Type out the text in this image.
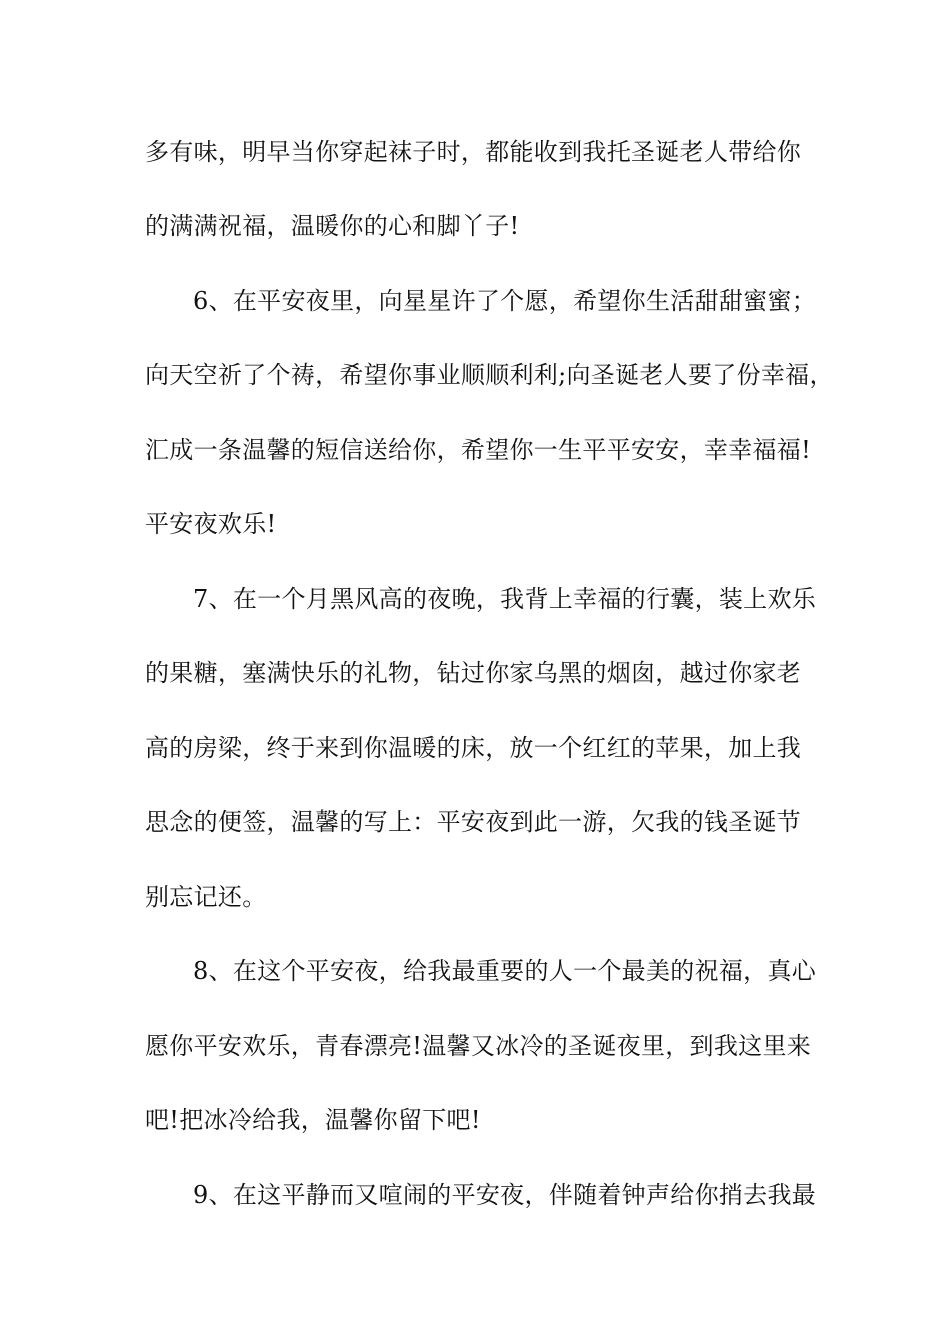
多有味，明早当你穿起袜子时，都能收到我托圣诞老人带给你
的满满祝福，温暖你的心和脚丫子!
6、在平安夜里，向星星许了个愿，希望你生活甜甜蜜蜜；
向天空祈了个祷，希望你事业顺顺利利;向圣诞老人要了份幸福，
汇成一条温馨的短信送给你，希望你一生平平安安，幸幸福福!
平安夜欢乐!
7、在一个月黑风高的夜晚，我背上幸福的行囊，装上欢乐
的果糖，塞满快乐的礼物，钻过你家乌黑的烟囱，越过你家老
高的房梁，终于来到你温暖的床，放一个红红的苹果，加上我
思念的便签，温馨的写上：平安夜到此一游，欠我的钱圣诞节
别忘记还。
8、在这个平安夜，给我最重要的人一个最美的祝福，真心
愿你平安欢乐，青春漂亮!温馨又冰冷的圣诞夜里，到我这里来
吧!把冰冷给我，温馨你留下吧!
9、在这平静而又喧闹的平安夜，伴随着钟声给你捎去我最
